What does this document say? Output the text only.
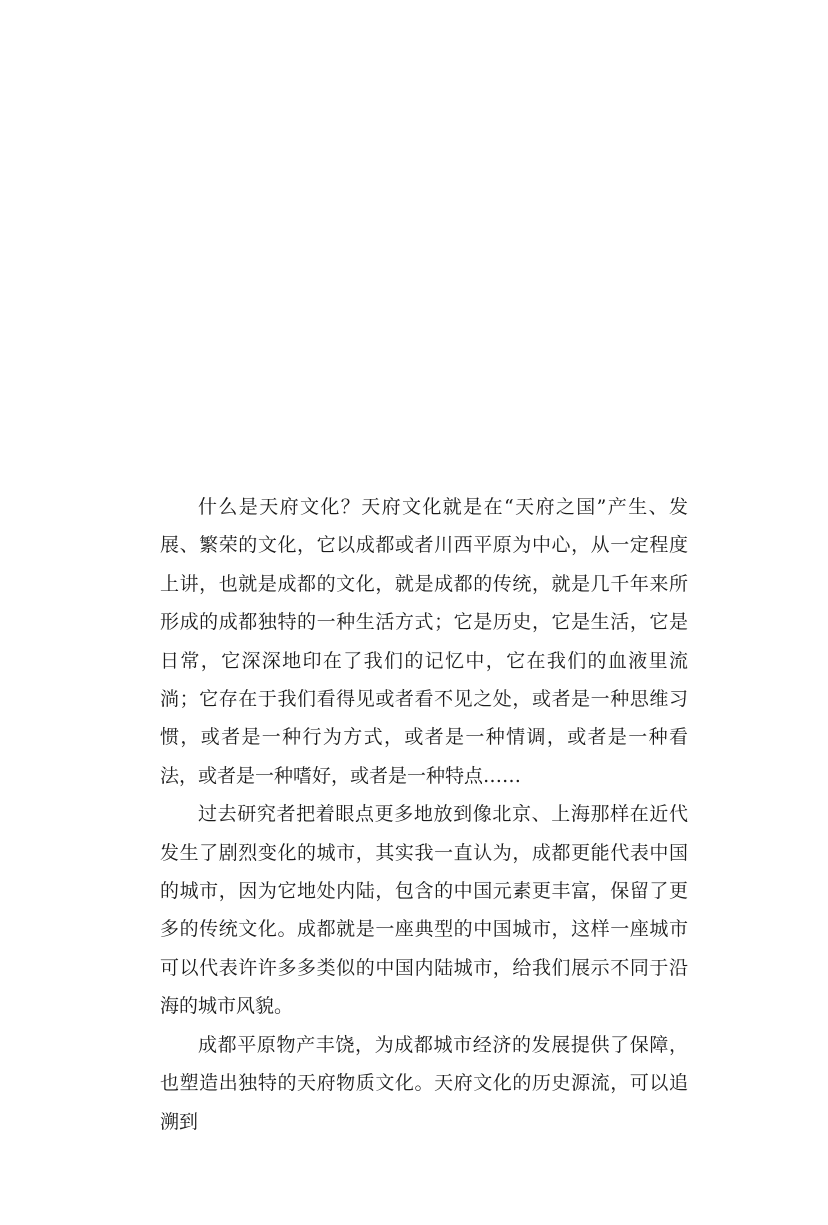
什么是天府文化？天府文化就是在“天府之国”产生、发展、繁荣的文化，它以成都或者川西平原为中心，从一定程度上讲，也就是成都的文化，就是成都的传统，就是几千年来所形成的成都独特的一种生活方式；它是历史，它是生活，它是日常，它深深地印在了我们的记忆中，它在我们的血液里流淌；它存在于我们看得见或者看不见之处，或者是一种思维习惯，或者是一种行为方式，或者是一种情调，或者是一种看法，或者是一种嗜好，或者是一种特点……

过去研究者把着眼点更多地放到像北京、上海那样在近代发生了剧烈变化的城市，其实我一直认为，成都更能代表中国的城市，因为它地处内陆，包含的中国元素更丰富，保留了更多的传统文化。成都就是一座典型的中国城市，这样一座城市可以代表许许多多类似的中国内陆城市，给我们展示不同于沿海的城市风貌。

成都平原物产丰饶，为成都城市经济的发展提供了保障，也塑造出独特的天府物质文化。天府文化的历史源流，可以追溯到
